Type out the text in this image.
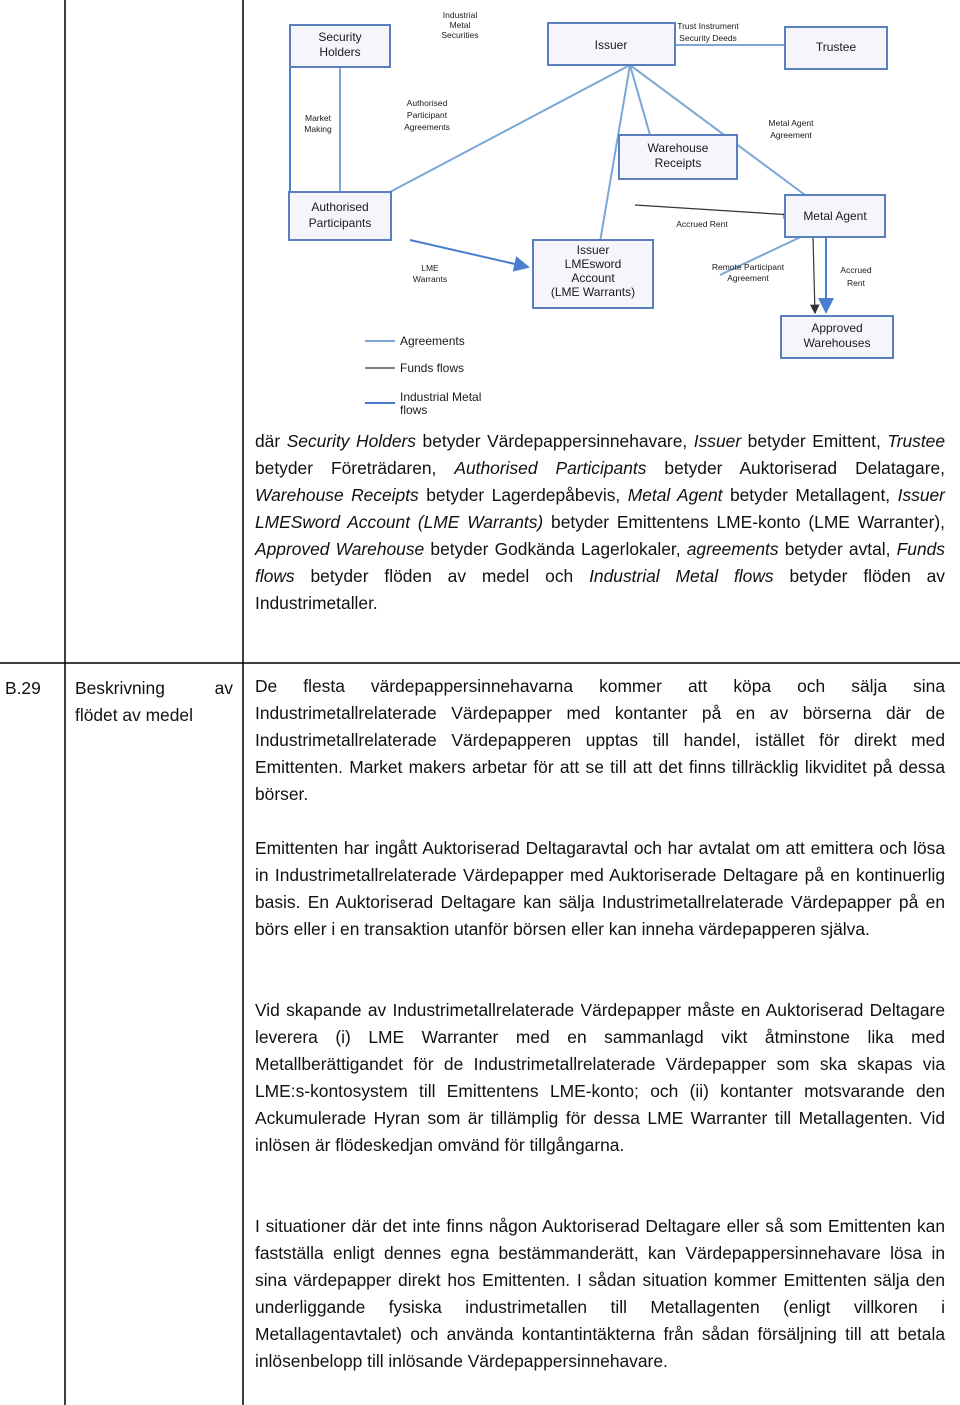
Security
Holders	Issuer	Trustee
Warehouse
Receipts
Authorised
Participants	Metal Agent
Issuer
LMEsword
Account
(LME Warrants)
Approved
Warehouses
Industrial
Metal
Securities
Trust Instrument
Security Deeds
Market
Making
Authorised
Participant
Agreements	Metal Agent
Agreement
Accrued Rent
LME
Warrants
Remote Participant
Agreement
Accrued
Rent
Agreements
Funds flows
Industrial Metal
flows

där Security Holders betyder Värdepappersinnehavare, Issuer betyder Emittent, Trustee betyder Företrädaren, Authorised Participants betyder Auktoriserad Delatagare, Warehouse Receipts betyder Lagerdepåbevis, Metal Agent betyder Metallagent, Issuer LMESword Account (LME Warrants) betyder Emittentens LME-konto (LME Warranter), Approved Warehouse betyder Godkända Lagerlokaler, agreements betyder avtal, Funds flows betyder flöden av medel och Industrial Metal flows betyder flöden av Industrimetaller.

B.29 Beskrivning av flödet av medel

De flesta värdepappersinnehavarna kommer att köpa och sälja sina Industrimetallrelaterade Värdepapper med kontanter på en av börserna där de Industrimetallrelaterade Värdepapperen upptas till handel, istället för direkt med Emittenten. Market makers arbetar för att se till att det finns tillräcklig likviditet på dessa börser.

Emittenten har ingått Auktoriserad Deltagaravtal och har avtalat om att emittera och lösa in Industrimetallrelaterade Värdepapper med Auktoriserade Deltagare på en kontinuerlig basis. En Auktoriserad Deltagare kan sälja Industrimetallrelaterade Värdepapper på en börs eller i en transaktion utanför börsen eller kan inneha värdepapperen själva.

Vid skapande av Industrimetallrelaterade Värdepapper måste en Auktoriserad Deltagare leverera (i) LME Warranter med en sammanlagd vikt åtminstone lika med Metallberättigandet för de Industrimetallrelaterade Värdepapper som ska skapas via LME:s-kontosystem till Emittentens LME-konto; och (ii) kontanter motsvarande den Ackumulerade Hyran som är tillämplig för dessa LME Warranter till Metallagenten. Vid inlösen är flödeskedjan omvänd för tillgångarna.

I situationer där det inte finns någon Auktoriserad Deltagare eller så som Emittenten kan fastställa enligt dennes egna bestämmanderätt, kan Värdepappersinnehavare lösa in sina värdepapper direkt hos Emittenten. I sådan situation kommer Emittenten sälja den underliggande fysiska industrimetallen till Metallagenten (enligt villkoren i Metallagentavtalet) och använda kontantintäkterna från sådan försäljning till att betala inlösenbelopp till inlösande Värdepappersinnehavare.
